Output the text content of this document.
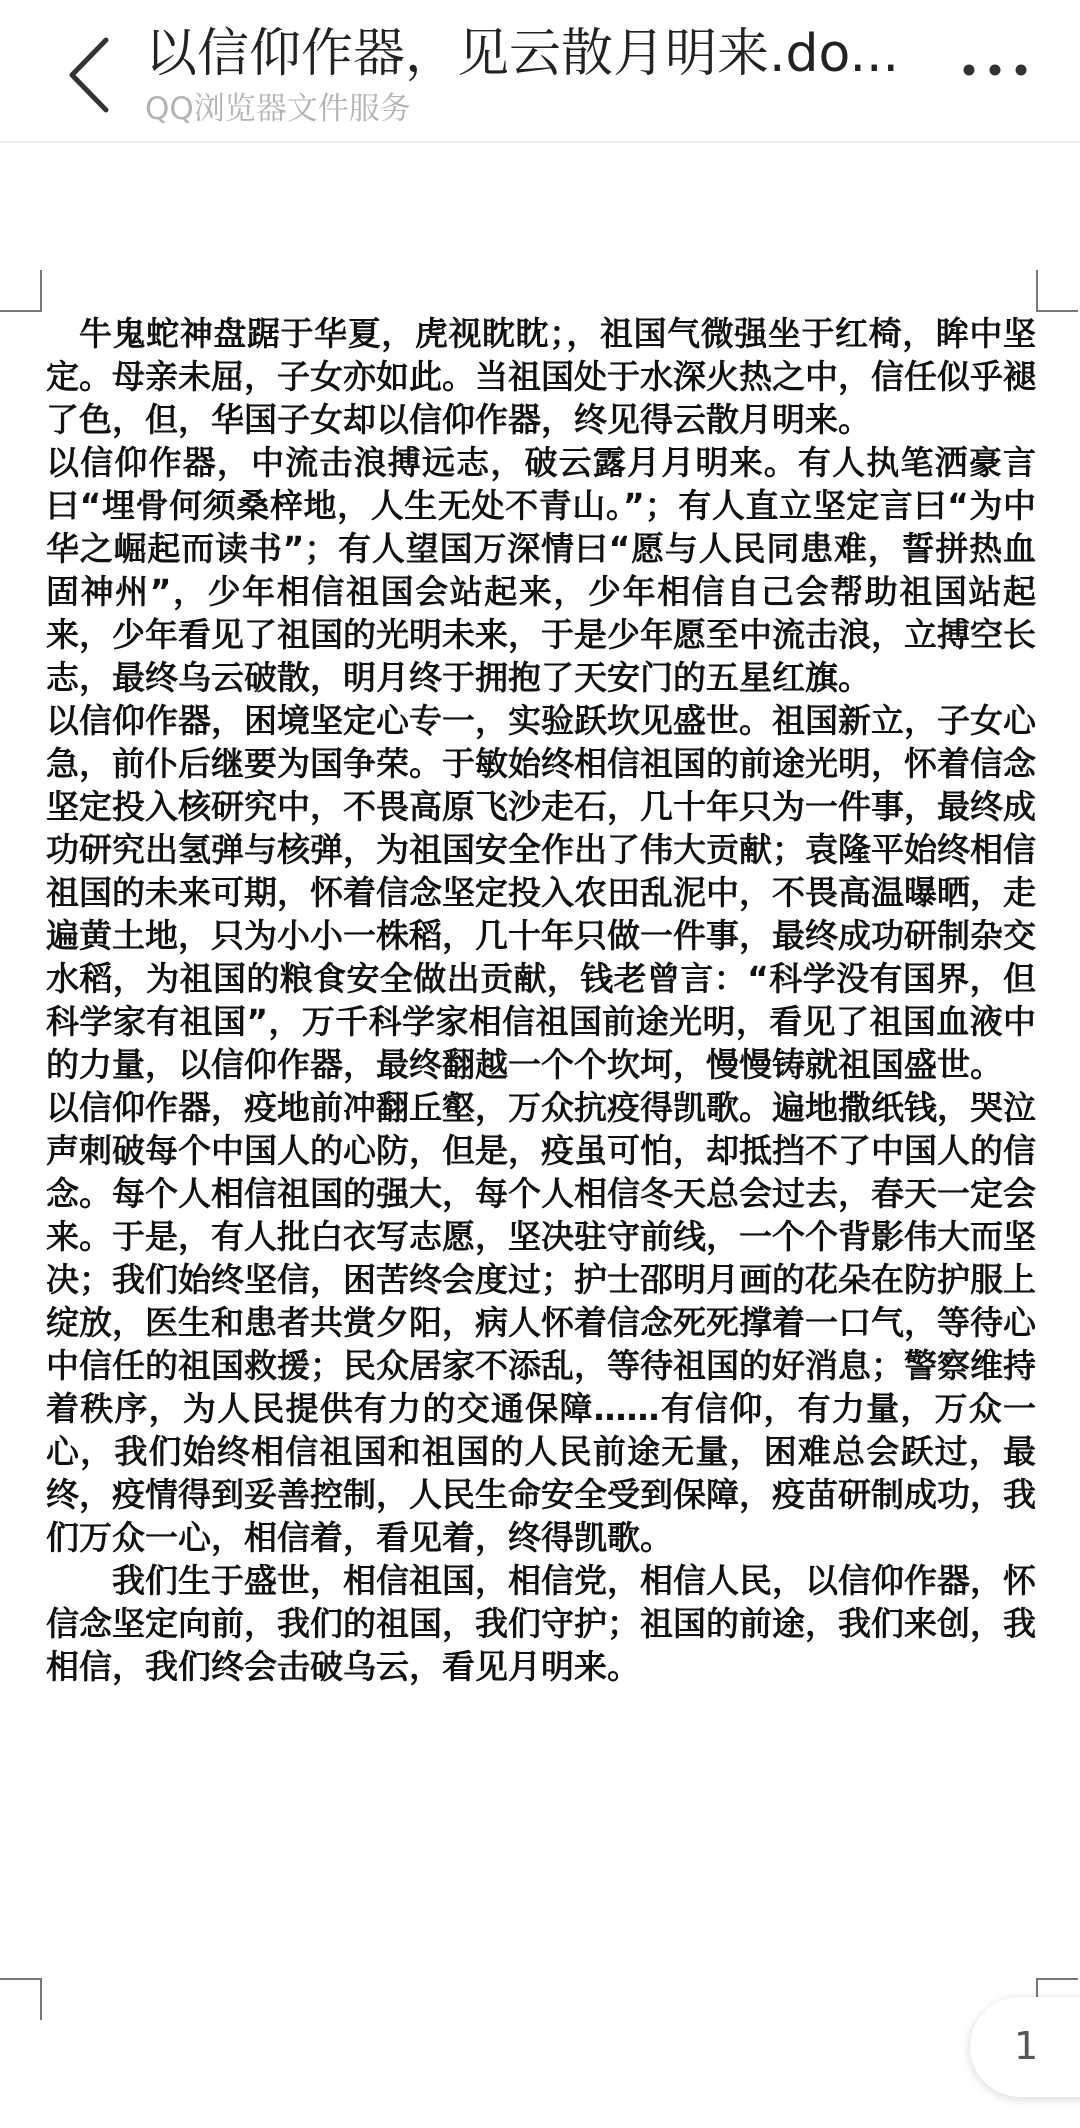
以信仰作器，见云散月明来.do...
QQ浏览器文件服务

牛鬼蛇神盘踞于华夏，虎视眈眈；，祖国气微强坐于红椅，眸中坚定。母亲未屈，子女亦如此。当祖国处于水深火热之中，信任似乎褪了色，但，华国子女却以信仰作器，终见得云散月明来。

以信仰作器，中流击浪搏远志，破云露月月明来。有人执笔洒豪言曰“埋骨何须桑梓地，人生无处不青山。”；有人直立坚定言曰“为中华之崛起而读书”；有人望国万深情曰“愿与人民同患难，誓拼热血固神州”，少年相信祖国会站起来，少年相信自己会帮助祖国站起来，少年看见了祖国的光明未来，于是少年愿至中流击浪，立搏空长志，最终乌云破散，明月终于拥抱了天安门的五星红旗。

以信仰作器，困境坚定心专一，实验跃坎见盛世。祖国新立，子女心急，前仆后继要为国争荣。于敏始终相信祖国的前途光明，怀着信念坚定投入核研究中，不畏高原飞沙走石，几十年只为一件事，最终成功研究出氢弹与核弹，为祖国安全作出了伟大贡献；袁隆平始终相信祖国的未来可期，怀着信念坚定投入农田乱泥中，不畏高温曝晒，走遍黄土地，只为小小一株稻，几十年只做一件事，最终成功研制杂交水稻，为祖国的粮食安全做出贡献，钱老曾言：“科学没有国界，但科学家有祖国”，万千科学家相信祖国前途光明，看见了祖国血液中的力量，以信仰作器，最终翻越一个个坎坷，慢慢铸就祖国盛世。

以信仰作器，疫地前冲翻丘壑，万众抗疫得凯歌。遍地撒纸钱，哭泣声刺破每个中国人的心防，但是，疫虽可怕，却抵挡不了中国人的信念。每个人相信祖国的强大，每个人相信冬天总会过去，春天一定会来。于是，有人批白衣写志愿，坚决驻守前线，一个个背影伟大而坚决；我们始终坚信，困苦终会度过；护士邵明月画的花朵在防护服上绽放，医生和患者共赏夕阳，病人怀着信念死死撑着一口气，等待心中信任的祖国救援；民众居家不添乱，等待祖国的好消息；警察维持着秩序，为人民提供有力的交通保障……有信仰，有力量，万众一心，我们始终相信祖国和祖国的人民前途无量，困难总会跃过，最终，疫情得到妥善控制，人民生命安全受到保障，疫苗研制成功，我们万众一心，相信着，看见着，终得凯歌。

我们生于盛世，相信祖国，相信党，相信人民，以信仰作器，怀信念坚定向前，我们的祖国，我们守护；祖国的前途，我们来创，我相信，我们终会击破乌云，看见月明来。

1
